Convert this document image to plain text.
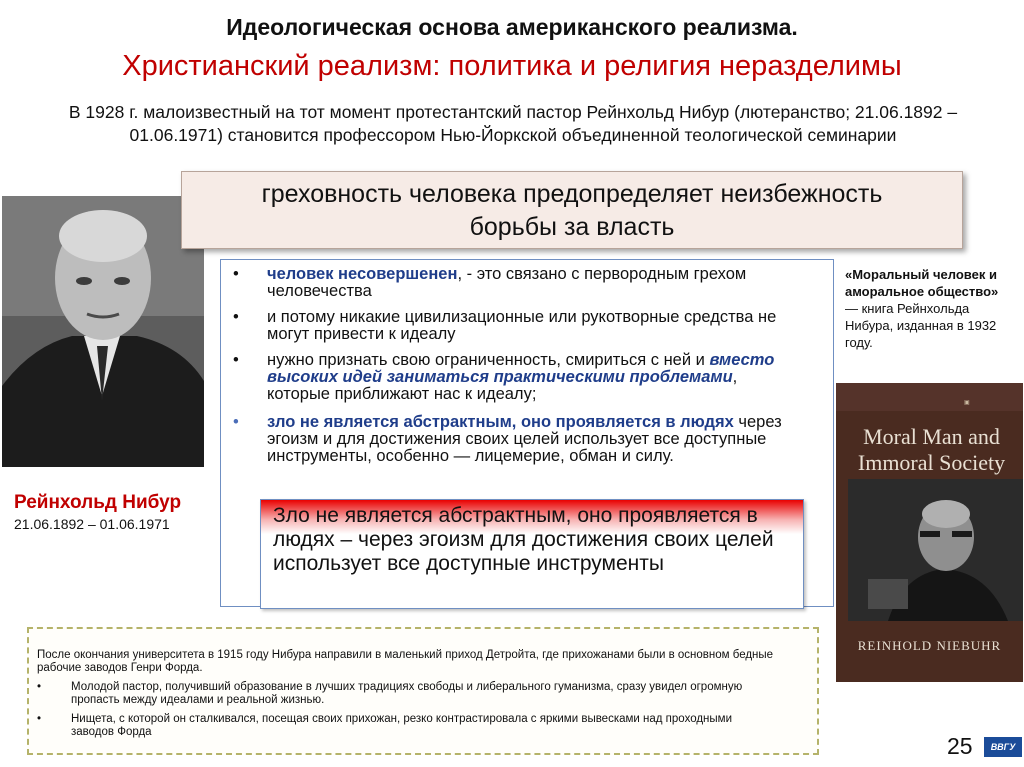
Идеологическая основа американского реализма.
Христианский реализм: политика и религия неразделимы
В 1928 г. малоизвестный на тот момент протестантский пастор Рейнхольд Нибур (лютеранство; 21.06.1892 – 01.06.1971) становится профессором Нью-Йоркской объединенной теологической семинарии
Рейнхольд Нибур
21.06.1892 – 01.06.1971
греховность человека предопределяет неизбежность
борьбы за власть
•	человек несовершенен, - это связано с первородным грехом человечества
•	и потому никакие цивилизационные или рукотворные средства не могут привести к идеалу
•	нужно признать свою ограниченность, смириться с ней и вместо высоких идей заниматься практическими проблемами, которые приближают нас к идеалу;
•	зло не является абстрактным, оно проявляется в людях через эгоизм и для достижения своих целей использует все доступные инструменты, особенно — лицемерие, обман и силу.
Зло не является абстрактным, оно проявляется в людях – через эгоизм для достижения своих целей использует все доступные инструменты
«Моральный человек и аморальное общество» — книга Рейнхольда Нибура, изданная в 1932 году.
▣
Moral Man and
Immoral Society
REINHOLD NIEBUHR
После окончания университета в 1915 году Нибура направили в маленький приход Детройта, где прихожанами были в основном бедные рабочие заводов Генри Форда.
•	Молодой пастор, получивший образование в лучших традициях свободы и либерального гуманизма, сразу увидел огромную пропасть между идеалами и реальной жизнью.
•	Нищета, с которой он сталкивался, посещая своих прихожан, резко контрастировала с яркими вывесками над проходными заводов Форда
25	ВВГУ
